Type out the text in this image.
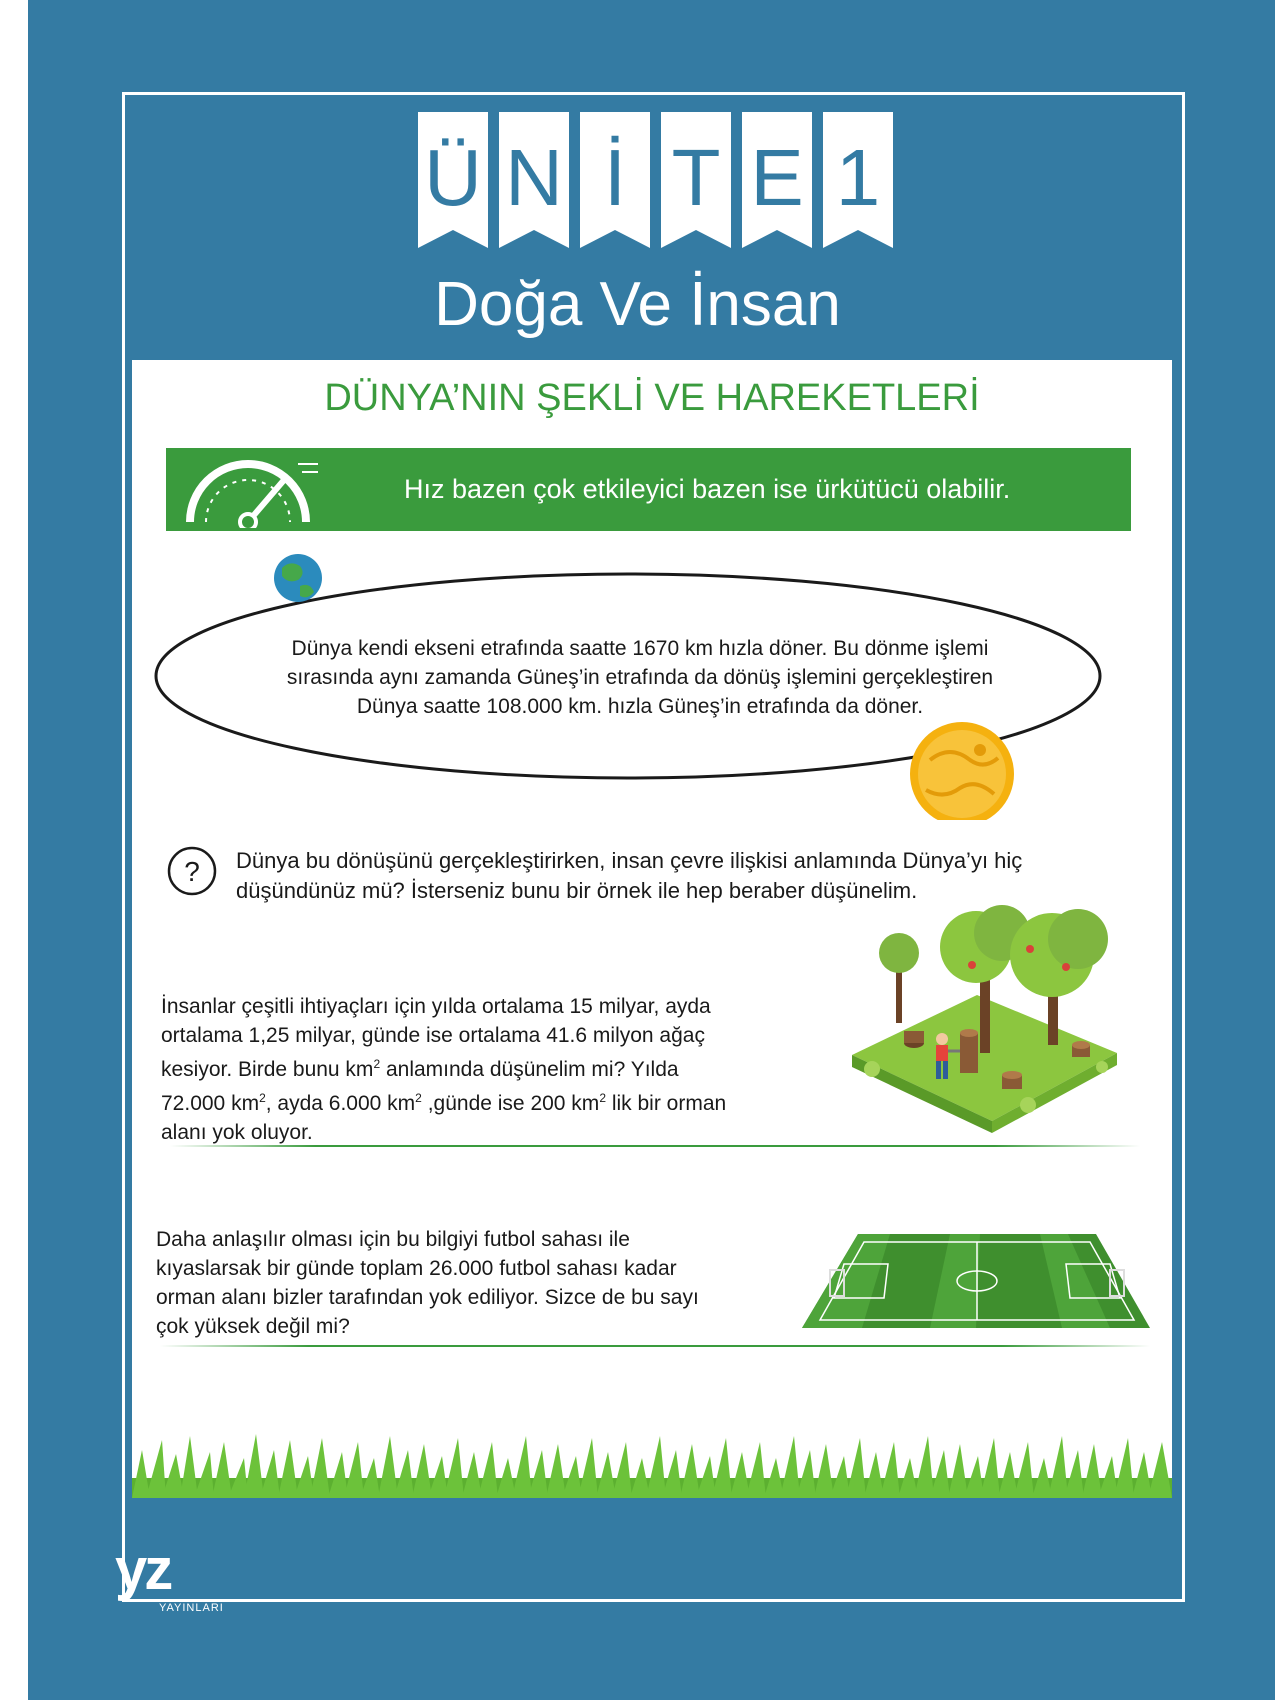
Ü N İ T E 1
Doğa Ve İnsan
DÜNYA’NIN ŞEKLİ VE HAREKETLERİ
Hız bazen çok etkileyici bazen ise ürkütücü olabilir.
Dünya kendi ekseni etrafında saatte 1670 km hızla döner. Bu dönme işlemi
sırasında aynı zamanda Güneş’in etrafında da dönüş işlemini gerçekleştiren
Dünya saatte 108.000 km. hızla Güneş’in etrafında da döner.
? Dünya bu dönüşünü gerçekleştirirken, insan çevre ilişkisi anlamında Dünya’yı hiç
düşündünüz mü? İsterseniz bunu bir örnek ile hep beraber düşünelim.
İnsanlar çeşitli ihtiyaçları için yılda ortalama 15 milyar, ayda
ortalama 1,25 milyar, günde ise ortalama 41.6 milyon ağaç
kesiyor. Birde bunu $km^2$ anlamında düşünelim mi? Yılda
72.000 $km^2$, ayda 6.000 $km^2$ ,günde ise 200 $km^2$ lik bir orman
alanı yok oluyor.
Daha anlaşılır olması için bu bilgiyi futbol sahası ile
kıyaslarsak bir günde toplam 26.000 futbol sahası kadar
orman alanı bizler tarafından yok ediliyor. Sizce de bu sayı
çok yüksek değil mi?
yz
YAYINLARI
